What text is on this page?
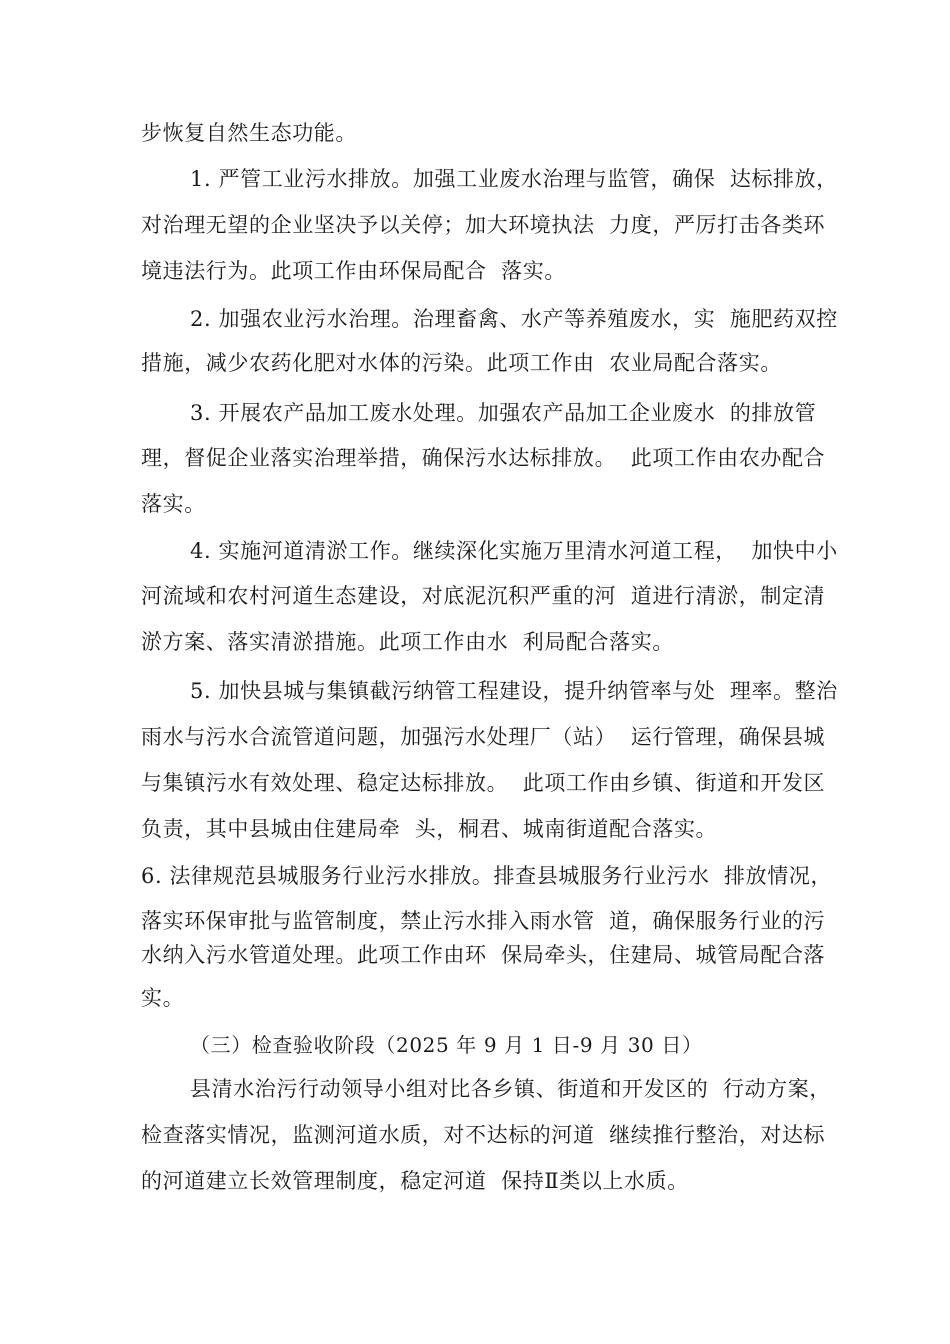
步恢复自然生态功能。
1. 严管工业污水排放。加强工业废水治理与监管，确保  达标排放，
对治理无望的企业坚决予以关停；加大环境执法  力度，严厉打击各类环
境违法行为。此项工作由环保局配合  落实。
2. 加强农业污水治理。治理畜禽、水产等养殖废水，实  施肥药双控
措施，减少农药化肥对水体的污染。此项工作由  农业局配合落实。
3. 开展农产品加工废水处理。加强农产品加工企业废水  的排放管
理，督促企业落实治理举措，确保污水达标排放。  此项工作由农办配合
落实。
4. 实施河道清淤工作。继续深化实施万里清水河道工程，  加快中小
河流域和农村河道生态建设，对底泥沉积严重的河  道进行清淤，制定清
淤方案、落实清淤措施。此项工作由水  利局配合落实。
5. 加快县城与集镇截污纳管工程建设，提升纳管率与处  理率。整治
雨水与污水合流管道问题，加强污水处理厂（站）  运行管理，确保县城
与集镇污水有效处理、稳定达标排放。  此项工作由乡镇、街道和开发区
负责，其中县城由住建局牵  头，桐君、城南街道配合落实。
6. 法律规范县城服务行业污水排放。排查县城服务行业污水  排放情况，
落实环保审批与监管制度，禁止污水排入雨水管  道，确保服务行业的污
水纳入污水管道处理。此项工作由环  保局牵头，住建局、城管局配合落
实。
（三）检查验收阶段（2025 年 9 月 1 日-9 月 30 日）
县清水治污行动领导小组对比各乡镇、街道和开发区的  行动方案，
检查落实情况，监测河道水质，对不达标的河道  继续推行整治，对达标
的河道建立长效管理制度，稳定河道  保持Ⅱ类以上水质。
